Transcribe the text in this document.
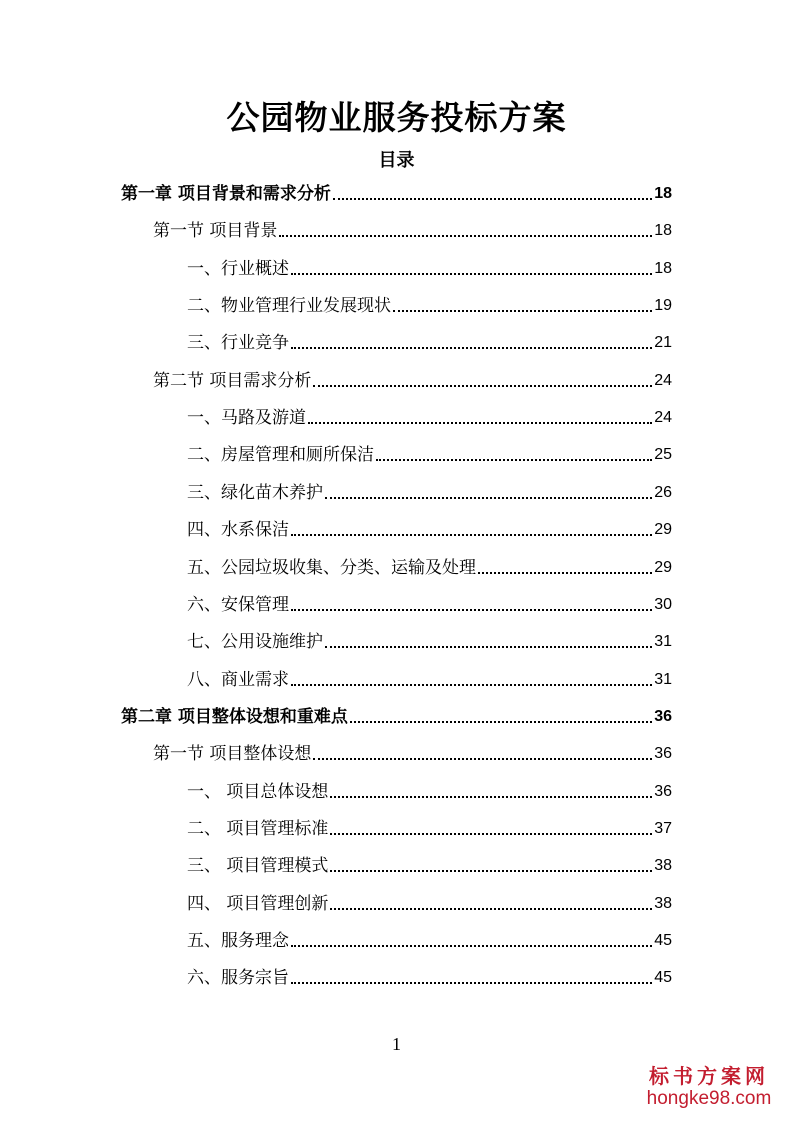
公园物业服务投标方案
目录
第一章 项目背景和需求分析	18
第一节 项目背景	18
一、行业概述	18
二、物业管理行业发展现状	19
三、行业竞争	21
第二节 项目需求分析	24
一、马路及游道	24
二、房屋管理和厕所保洁	25
三、绿化苗木养护	26
四、水系保洁	29
五、公园垃圾收集、分类、运输及处理	29
六、安保管理	30
七、公用设施维护	31
八、商业需求	31
第二章 项目整体设想和重难点	36
第一节 项目整体设想	36
一、 项目总体设想	36
二、 项目管理标准	37
三、 项目管理模式	38
四、 项目管理创新	38
五、服务理念	45
六、服务宗旨	45
1
标书方案网
hongke98.com
